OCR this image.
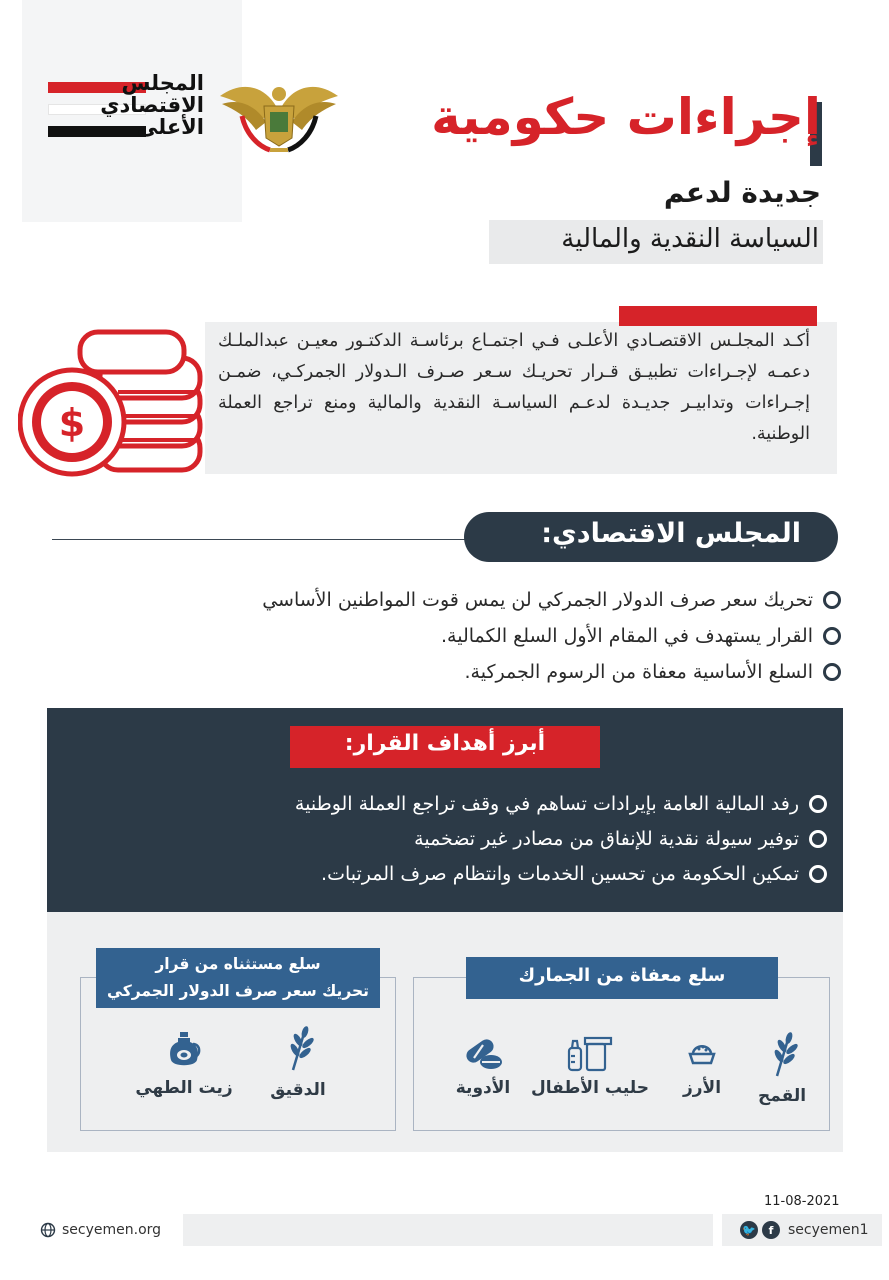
المجلس
الاقتصادي
الأعلى	إجراءات حكومية
جديدة لدعم
السياسة النقدية والمالية
أكـد المجلـس الاقتصـادي الأعلـى فـي اجتمـاع برئاسـة الدكتـور معيـن عبدالملـك دعمـه لإجـراءات تطبيـق قـرار تحريـك سـعر صـرف الـدولار الجمركـي، ضمـن إجـراءات وتدابيـر جديـدة لدعـم السياسـة النقدية والمالية ومنع تراجع العملة الوطنية.
$
المجلس الاقتصادي:
تحريك سعر صرف الدولار الجمركي لن يمس قوت المواطنين الأساسي
القرار يستهدف في المقام الأول السلع الكمالية.
السلع الأساسية معفاة من الرسوم الجمركية.
أبرز أهداف القرار:
رفد المالية العامة بإيرادات تساهم في وقف تراجع العملة الوطنية
توفير سيولة نقدية للإنفاق من مصادر غير تضخمية
تمكين الحكومة من تحسين الخدمات وانتظام صرف المرتبات.
سلع معفاة من الجمارك
سلع مستثناه من قرار
تحريك سعر صرف الدولار الجمركي
القمح
الأرز
حليب الأطفال
الأدوية
الدقيق
زيت الطهي
11-08-2021
secyemen.org	🐦	f	secyemen1
